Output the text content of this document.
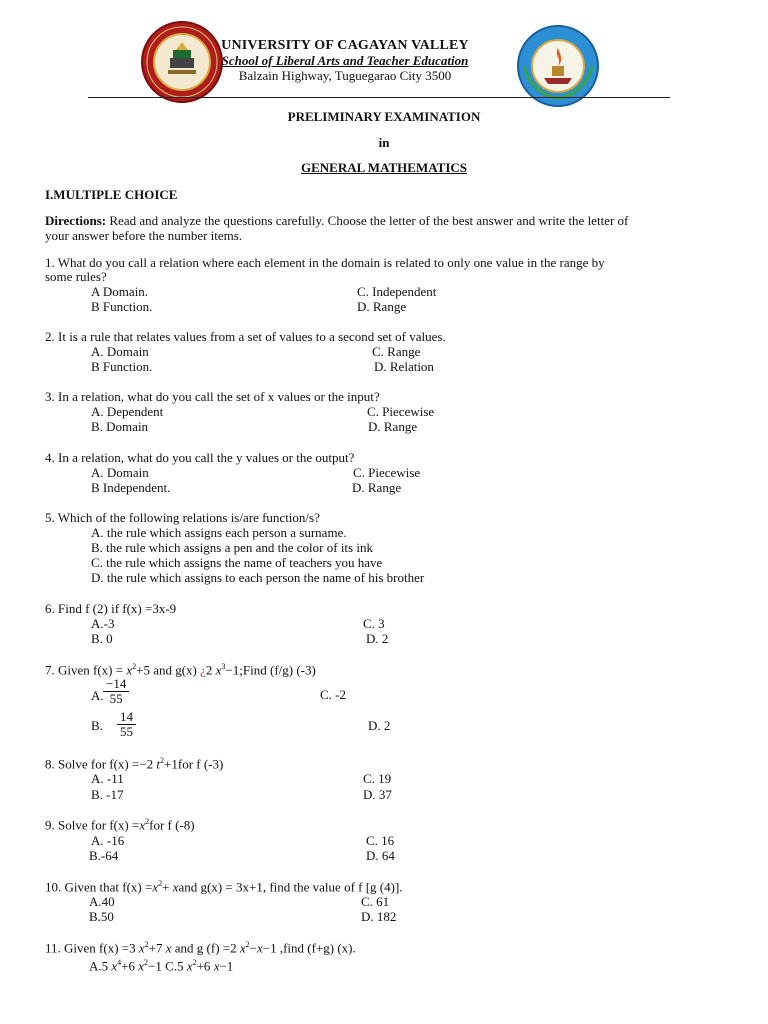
UNIVERSITY OF CAGAYAN VALLEY
School of Liberal Arts and Teacher Education
Balzain Highway, Tuguegarao City 3500
PRELIMINARY EXAMINATION
in
GENERAL MATHEMATICS
I.MULTIPLE CHOICE
Directions: Read and analyze the questions carefully. Choose the letter of the best answer and write the letter of
your answer before the number items.
1. What do you call a relation where each element in the domain is related to only one value in the range by
some rules?
A Domain.	C. Independent
B Function.	D. Range
2. It is a rule that relates values from a set of values to a second set of values.
A. Domain	C. Range
B Function.	D. Relation
3. In a relation, what do you call the set of x values or the input?
A. Dependent	C. Piecewise
B. Domain	D. Range
4. In a relation, what do you call the y values or the output?
A. Domain	C. Piecewise
B Independent.	D. Range
5. Which of the following relations is/are function/s?
A. the rule which assigns each person a surname.
B. the rule which assigns a pen and the color of its ink
C. the rule which assigns the name of teachers you have
D. the rule which assigns to each person the name of his brother
6. Find f (2) if f(x) =3x-9
A.-3	C. 3
B. 0	D. 2
7. Given $f(x) = x^2+5$ and g(x) ¿2 $x^3-1;Find$ (f/g) (-3)
A. $\frac{-14}{55}$	C. -2
B. $\frac{14}{55}$	D. 2
8. Solve for f(x) =−2 $t^2+1for$ f (-3)
A. -11	C. 19
B. -17	D. 37
9. Solve for $f(x) =x^2for$ f (-8)
A. -16	C. 16
B.-64	D. 64
10. Given that $f(x) =x^2+$ xand g(x) = 3x+1, find the value of f [g (4)].
A.40	C. 61
B.50	D. 182
11. Given f(x) =3 $x^2+7$ x and g (f) =2 $x^2-x-1$ ,find (f+g) (x).
A.5 $x^4+6$ $x^2-1$ C.5 $x^2+6$ x−1
